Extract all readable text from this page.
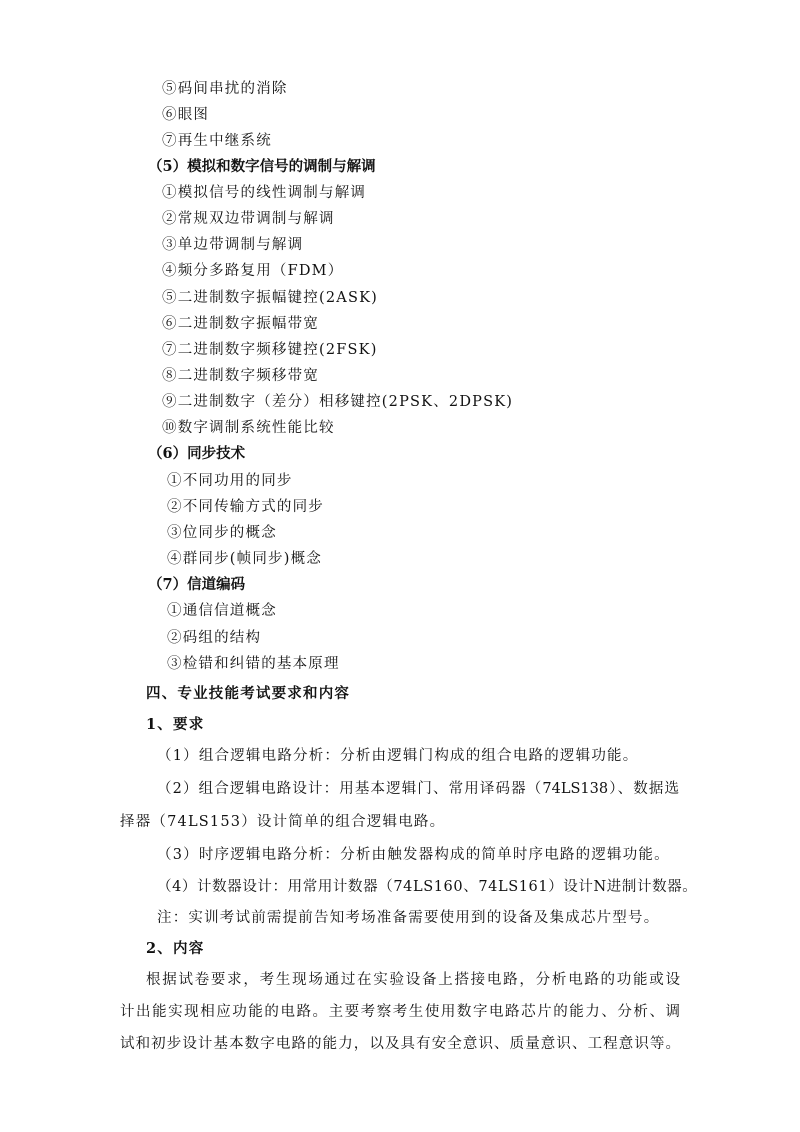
⑤码间串扰的消除
⑥眼图
⑦再生中继系统
（5）模拟和数字信号的调制与解调
①模拟信号的线性调制与解调
②常规双边带调制与解调
③单边带调制与解调
④频分多路复用（FDM）
⑤二进制数字振幅键控(2ASK)
⑥二进制数字振幅带宽
⑦二进制数字频移键控(2FSK)
⑧二进制数字频移带宽
⑨二进制数字（差分）相移键控(2PSK、2DPSK)
⑩数字调制系统性能比较
（6）同步技术
①不同功用的同步
②不同传输方式的同步
③位同步的概念
④群同步(帧同步)概念
（7）信道编码
①通信信道概念
②码组的结构
③检错和纠错的基本原理
四、专业技能考试要求和内容
1、要求
（1）组合逻辑电路分析：分析由逻辑门构成的组合电路的逻辑功能。
（2）组合逻辑电路设计：用基本逻辑门、常用译码器（74LS138）、数据选
择器（74LS153）设计简单的组合逻辑电路。
（3）时序逻辑电路分析：分析由触发器构成的简单时序电路的逻辑功能。
（4）计数器设计：用常用计数器（74LS160、74LS161）设计N进制计数器。
注：实训考试前需提前告知考场准备需要使用到的设备及集成芯片型号。
2、内容
根据试卷要求，考生现场通过在实验设备上搭接电路，分析电路的功能或设
计出能实现相应功能的电路。主要考察考生使用数字电路芯片的能力、分析、调
试和初步设计基本数字电路的能力，以及具有安全意识、质量意识、工程意识等。
